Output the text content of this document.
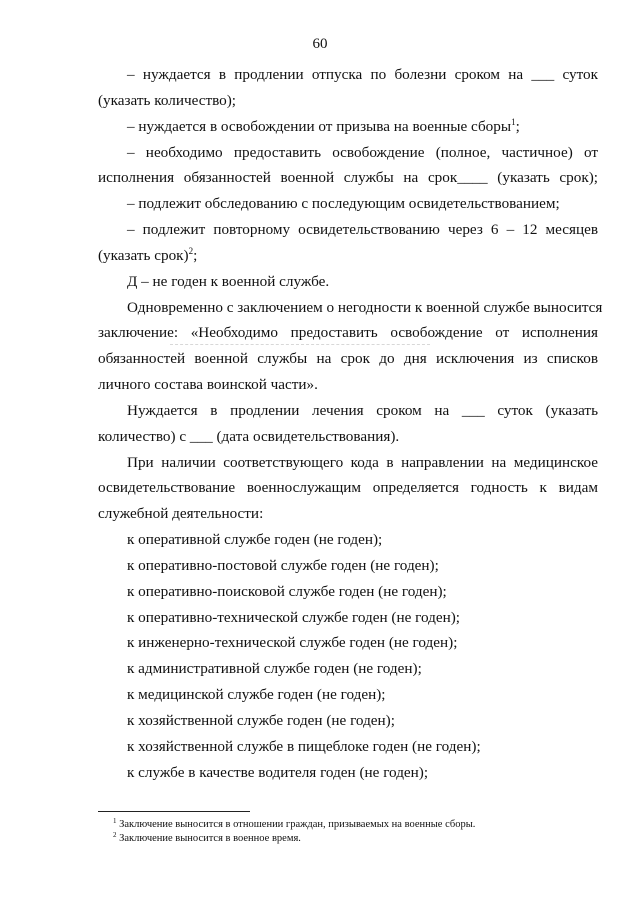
60
– нуждается в продлении отпуска по болезни сроком на ___ суток
(указать количество);
– нуждается в освобождении от призыва на военные сборы$^1$;
– необходимо предоставить освобождение (полное, частичное) от
исполнения обязанностей военной службы на срок____ (указать срок);
– подлежит обследованию с последующим освидетельствованием;
– подлежит повторному освидетельствованию через 6 – 12 месяцев
(указать срок)$^2$;
Д – не годен к военной службе.
Одновременно с заключением о негодности к военной службе выносится
заключение: «Необходимо предоставить освобождение от исполнения
обязанностей военной службы на срок до дня исключения из списков
личного состава воинской части».
Нуждается в продлении лечения сроком на ___ суток (указать
количество) с ___ (дата освидетельствования).
При наличии соответствующего кода в направлении на медицинское
освидетельствование военнослужащим определяется годность к видам
служебной деятельности:
к оперативной службе годен (не годен);
к оперативно-постовой службе годен (не годен);
к оперативно-поисковой службе годен (не годен);
к оперативно-технической службе годен (не годен);
к инженерно-технической службе годен (не годен);
к административной службе годен (не годен);
к медицинской службе годен (не годен);
к хозяйственной службе годен (не годен);
к хозяйственной службе в пищеблоке годен (не годен);
к службе в качестве водителя годен (не годен);
$^1$ Заключение выносится в отношении граждан, призываемых на военные сборы.
$^2$ Заключение выносится в военное время.
